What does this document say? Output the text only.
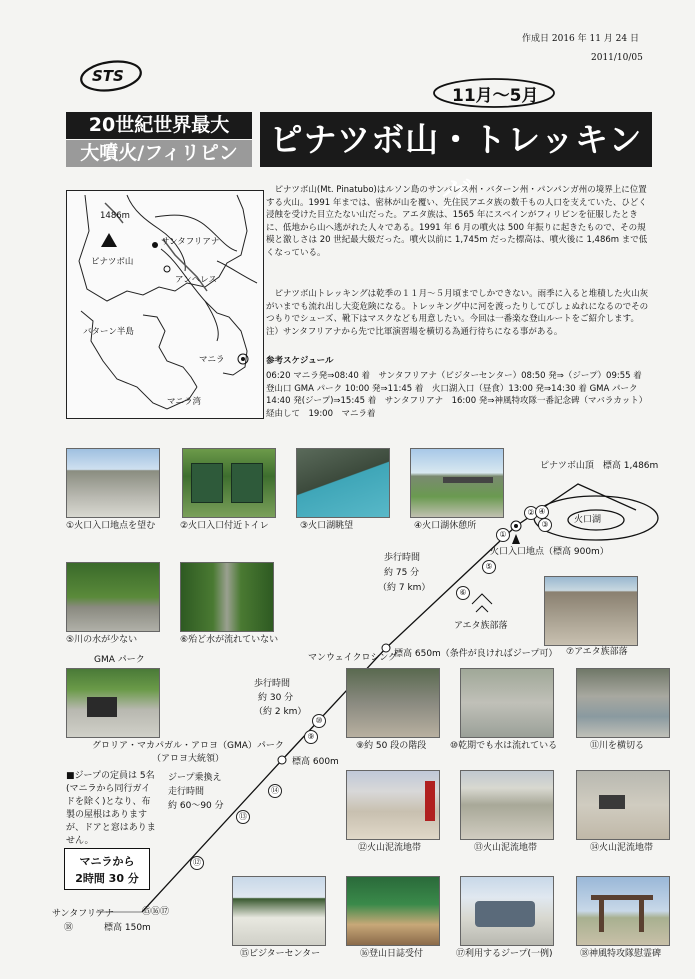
作成日 2016 年 11 月 24 日
2011/10/05
STS
11月～5月
20世紀世界最大
大噴火/フィリピン ピナツボ山・トレッキング
1486m
ピナツボ山
サンタフリアナ
アンヘレス
バターン半島
マニラ
マニラ湾
ピナツボ山(Mt. Pinatubo)はルソン島のサンバレス州・バターン州・パンパンガ州の境界上に位置する火山。1991 年までは、密林が山を覆い、先住民アエタ族の数千もの人口を支えていた、ひどく浸蝕を受けた目立たない山だった。アエタ族は、1565 年にスペインがフィリピンを征服したときに、低地から山へ逃がれた人々である。1991 年 6 月の噴火は 500 年振りに起きたもので、その規模と激しさは 20 世紀最大級だった。噴火以前に 1,745m だった標高は、噴火後に 1,486m まで低くなっている。
ピナツボ山トレッキングは乾季の１１月～５月頃までしかできない。雨季に入ると堆積した火山灰がいまでも流れ出し大変危険になる。トレッキング中に河を渡ったりしてびしょぬれになるのでそのつもりでシューズ、靴下はマスクなども用意したい。今回は一番楽な登山ルートをご紹介します。注）サンタフリアナから先で比軍演習場を横切る為通行待ちになる事がある。
参考スケジュール
06:20 マニラ発⇒08:40 着　サンタフリアナ（ビジターセンター）08:50 発⇒（ジープ）09:55 着 登山口 GMA パーク 10:00 発⇒11:45 着　火口湖入口（昼食）13:00 発⇒14:30 着 GMA パーク 14:40 発(ジープ)⇒15:45 着　サンタフリアナ　16:00 発⇒神風特攻隊一番記念碑（マバラカット）経由して　19:00　マニラ着
①
②
③
④
⑥
⑤
⑩
⑨
⑬
⑭
⑫
ピナツボ山頂　標高 1,486m
火口湖
火口入口地点（標高 900m）
歩行時間
約 75 分
（約 7 km）
アエタ族部落
マンウェイクロシング
標高 650m（条件が良ければジープ可）
歩行時間
約 30 分
（約 2 km）
GMA パーク
グロリア・マカパガル・アロヨ（GMA）パーク
（アロヨ大統領）	標高 600m
ジープ乗換え
走行時間
約 60～90 分
■ジープの定員は 5名(マニラから同行ガイドを除く)となり、布製の屋根はありますが、ドアと窓はありません。
マニラから
2時間 30 分
サンタフリアナ	⑮⑯⑰
⑱	標高 150m
①火口入口地点を望む	②火口入口付近トイレ	③火口湖眺望	④火口湖休憩所
⑤川の水が少ない	⑥殆ど水が流れていない
⑦アエタ族部落
⑨約 50 段の階段	⑩乾期でも水は流れている	⑪川を横切る
⑫火山泥流地帯	⑬火山泥流地帯	⑭火山泥流地帯
⑮ビジターセンター	⑯登山日誌受付	⑰利用するジープ(一例)	⑱神風特攻隊慰霊碑
